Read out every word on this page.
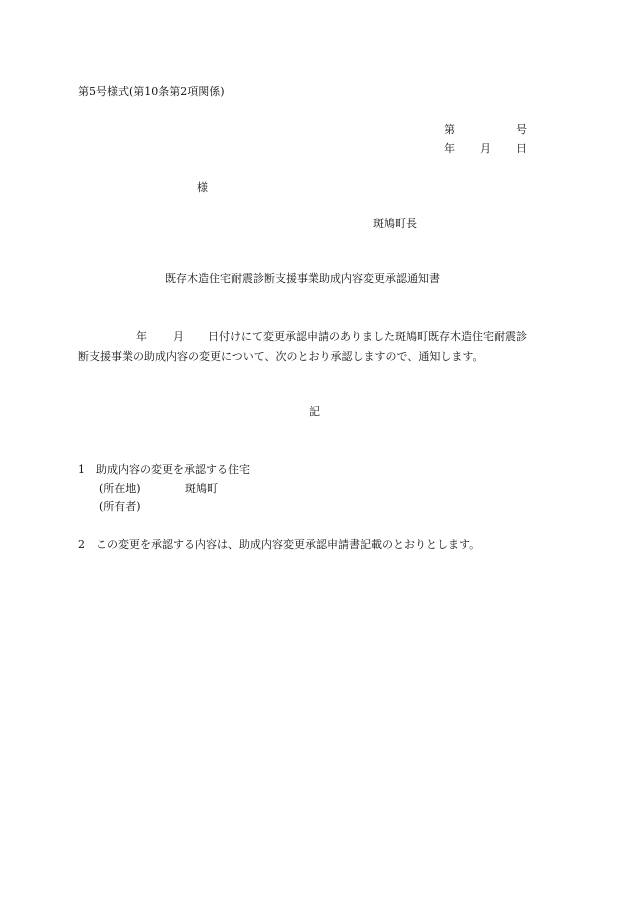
第5号様式(第10条第2項関係)
第	号
年 月 日
様
斑鳩町長
既存木造住宅耐震診断支援事業助成内容変更承認通知書
年 月 日付けにて変更承認申請のありました斑鳩町既存木造住宅耐震診
断支援事業の助成内容の変更について、次のとおり承認しますので、通知します。
記
1 助成内容の変更を承認する住宅
(所在地)	斑鳩町
(所有者)
2 この変更を承認する内容は、助成内容変更承認申請書記載のとおりとします。
